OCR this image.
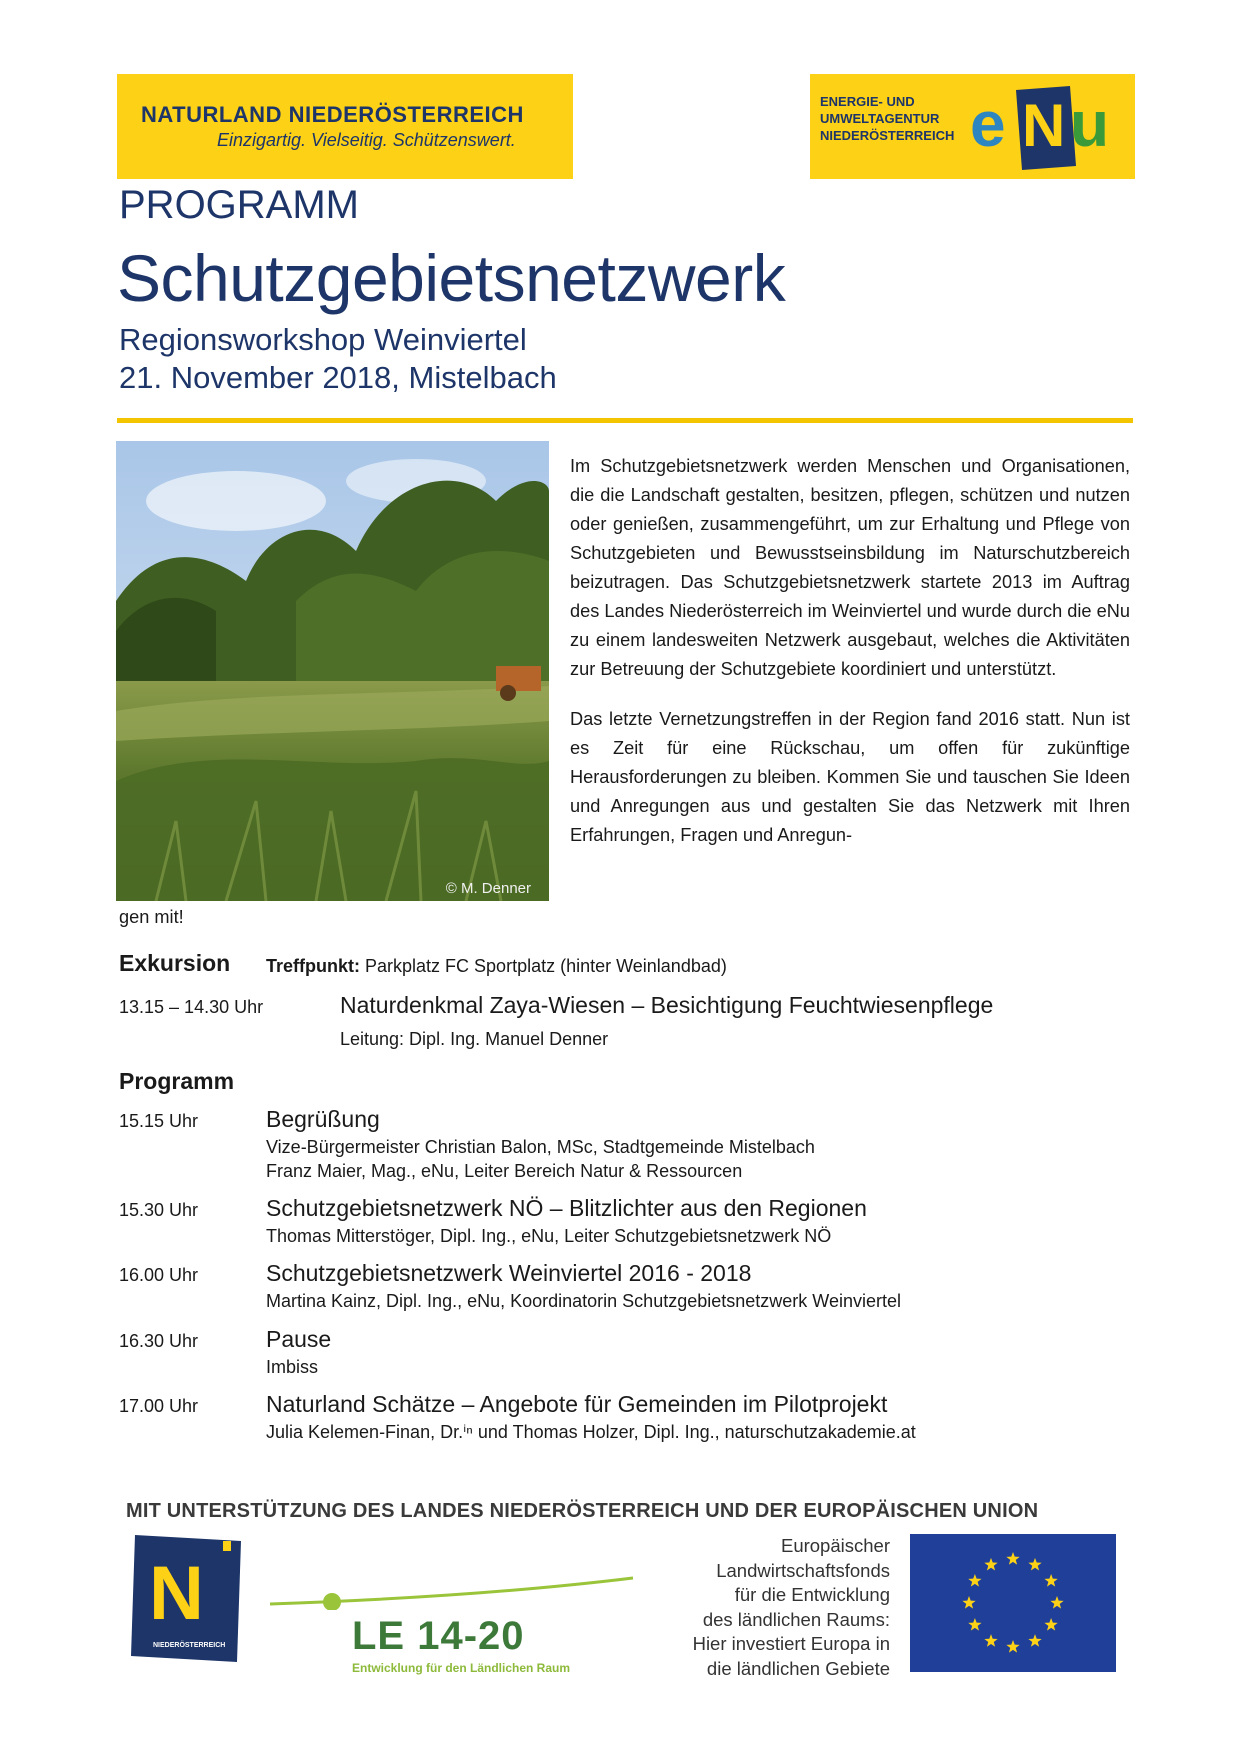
NATURLAND NIEDERÖSTERREICH
Einzigartig. Vielseitig. Schützenswert.
ENERGIE- UND
UMWELTAGENTUR
NIEDERÖSTERREICH e N u
PROGRAMM
Schutzgebietsnetzwerk
Regionsworkshop Weinviertel
21. November 2018, Mistelbach
© M. Denner

Im Schutzgebietsnetzwerk werden Menschen und Organisationen, die die Landschaft gestalten, besitzen, pflegen, schützen und nutzen oder genießen, zusammengeführt, um zur Erhaltung und Pflege von Schutzgebieten und Bewusstseinsbildung im Naturschutzbereich beizutragen. Das Schutzgebietsnetzwerk startete 2013 im Auftrag des Landes Niederösterreich im Weinviertel und wurde durch die eNu zu einem landesweiten Netzwerk ausgebaut, welches die Aktivitäten zur Betreuung der Schutzgebiete koordiniert und unterstützt.

Das letzte Vernetzungstreffen in der Region fand 2016 statt. Nun ist es Zeit für eine Rückschau, um offen für zukünftige Herausforderungen zu bleiben. Kommen Sie und tauschen Sie Ideen und Anregungen aus und gestalten Sie das Netzwerk mit Ihren Erfahrungen, Fragen und Anregun-

gen mit!
Exkursion Treffpunkt: Parkplatz FC Sportplatz (hinter Weinlandbad)
13.15 – 14.30 Uhr	Naturdenkmal Zaya-Wiesen – Besichtigung Feuchtwiesenpflege
Leitung: Dipl. Ing. Manuel Denner
Programm
15.15 Uhr	Begrüßung
Vize-Bürgermeister Christian Balon, MSc, Stadtgemeinde Mistelbach
Franz Maier, Mag., eNu, Leiter Bereich Natur & Ressourcen
15.30 Uhr	Schutzgebietsnetzwerk NÖ – Blitzlichter aus den Regionen
Thomas Mitterstöger, Dipl. Ing., eNu, Leiter Schutzgebietsnetzwerk NÖ
16.00 Uhr	Schutzgebietsnetzwerk Weinviertel 2016 - 2018
Martina Kainz, Dipl. Ing., eNu, Koordinatorin Schutzgebietsnetzwerk Weinviertel
16.30 Uhr	Pause
Imbiss
17.00 Uhr	Naturland Schätze – Angebote für Gemeinden im Pilotprojekt
Julia Kelemen-Finan, Dr.ⁱⁿ und Thomas Holzer, Dipl. Ing., naturschutzakademie.at
MIT UNTERSTÜTZUNG DES LANDES NIEDERÖSTERREICH UND DER EUROPÄISCHEN UNION
N
NIEDERÖSTERREICH	LE 14-20
Entwicklung für den Ländlichen Raum
Europäischer
Landwirtschaftsfonds
für die Entwicklung
des ländlichen Raums:
Hier investiert Europa in
die ländlichen Gebiete
